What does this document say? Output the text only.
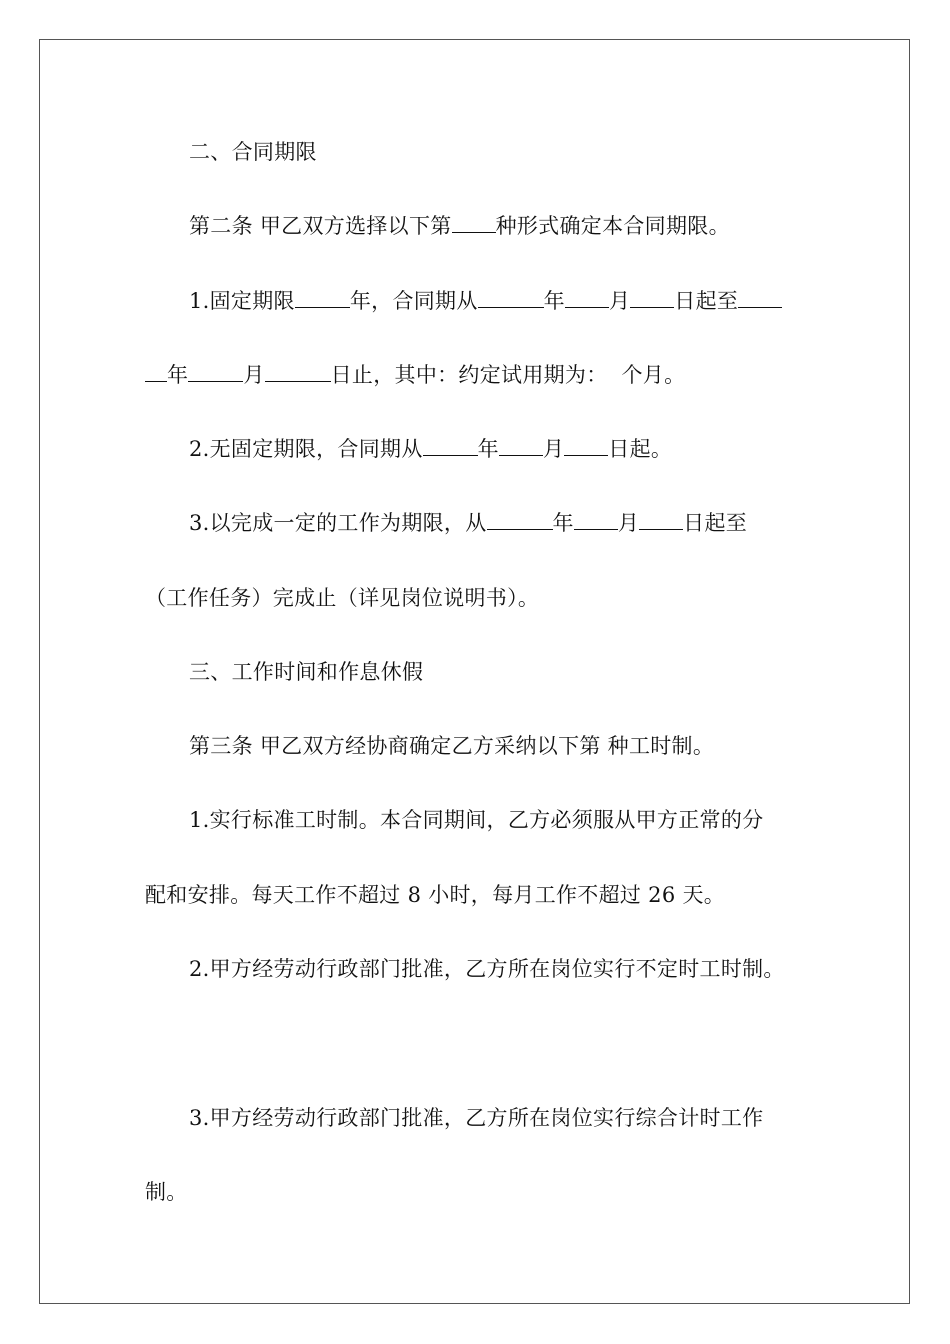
二、合同期限
第二条 甲乙双方选择以下第 种形式确定本合同期限。
1.固定期限	年，合同期从	年 月 日起至
年	月	日止，其中：约定试用期为：  个月。
2.无固定期限，合同期从	年 月 日起。
3.以完成一定的工作为期限，从	年 月 日起至
（工作任务）完成止（详见岗位说明书）。
三、工作时间和作息休假
第三条 甲乙双方经协商确定乙方采纳以下第 种工时制。
1.实行标准工时制。本合同期间，乙方必须服从甲方正常的分
配和安排。每天工作不超过 8 小时，每月工作不超过 26 天。
2.甲方经劳动行政部门批准，乙方所在岗位实行不定时工时制。
3.甲方经劳动行政部门批准，乙方所在岗位实行综合计时工作
制。
